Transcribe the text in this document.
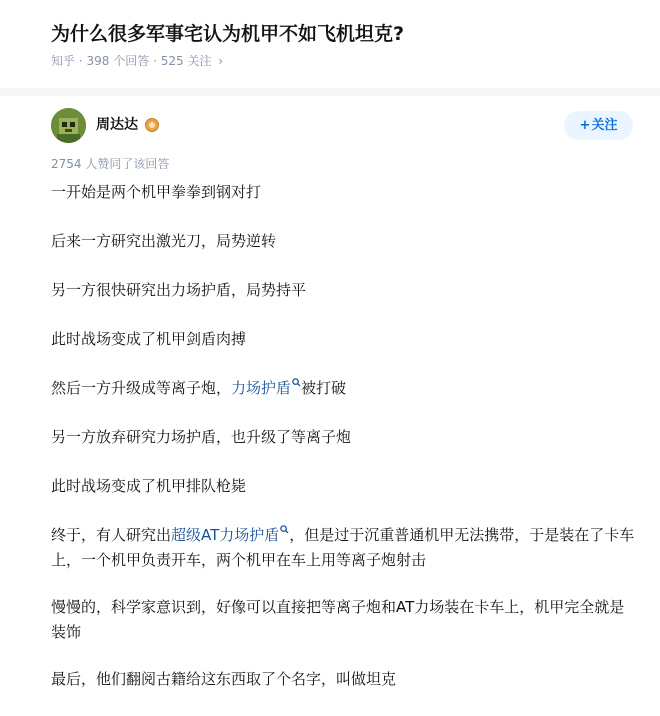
为什么很多军事宅认为机甲不如飞机坦克?
知乎 · 398 个回答 · 525 关注 ›
周达达	+关注
2754 人赞同了该回答

一开始是两个机甲拳拳到钢对打

后来一方研究出激光刀，局势逆转

另一方很快研究出力场护盾，局势持平

此时战场变成了机甲剑盾肉搏

然后一方升级成等离子炮，力场护盾 被打破

另一方放弃研究力场护盾，也升级了等离子炮

此时战场变成了机甲排队枪毙

终于，有人研究出超级AT力场护盾 ，但是过于沉重普通机甲无法携带，于是装在了卡车上，一个机甲负责开车，两个机甲在车上用等离子炮射击

慢慢的，科学家意识到，好像可以直接把等离子炮和AT力场装在卡车上，机甲完全就是装饰

最后，他们翻阅古籍给这东西取了个名字，叫做坦克
